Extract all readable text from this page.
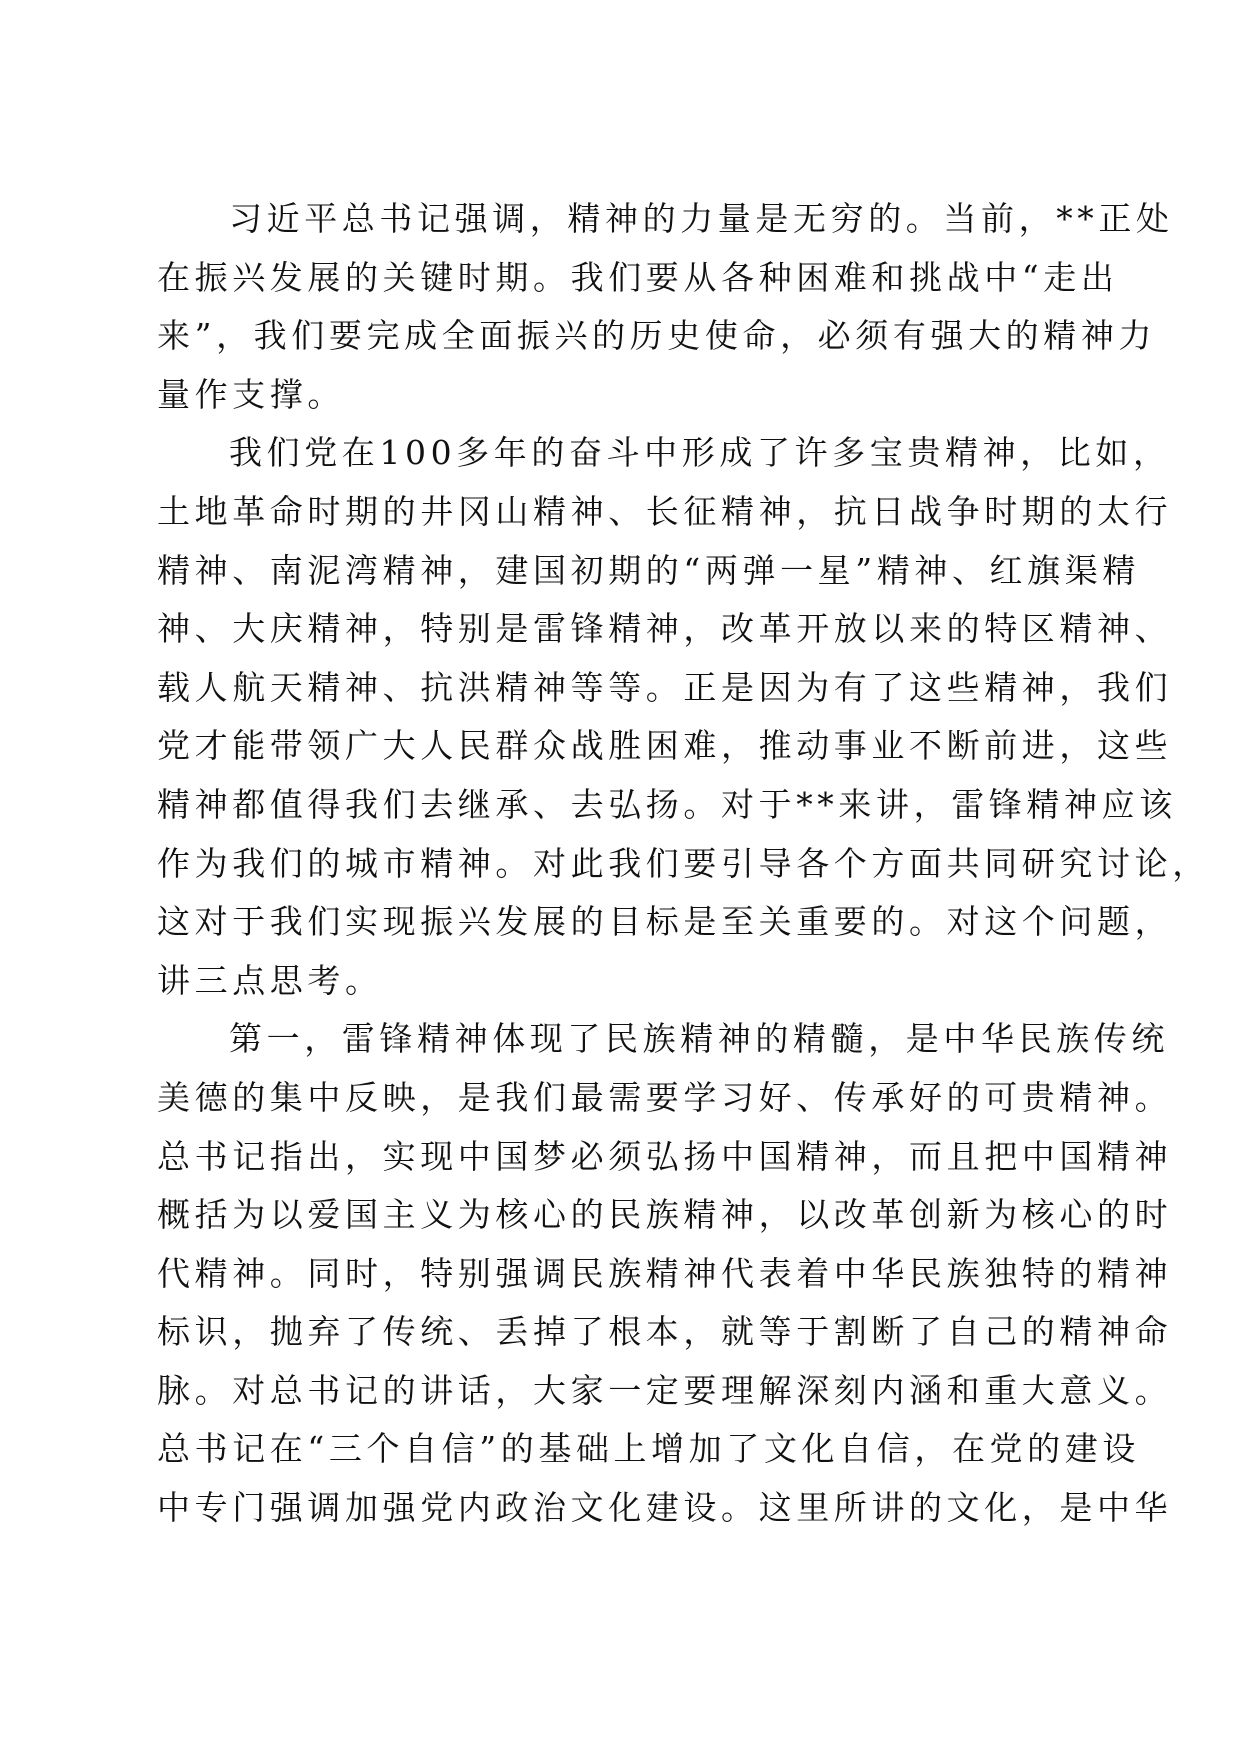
习近平总书记强调，精神的力量是无穷的。当前，**正处
在振兴发展的关键时期。我们要从各种困难和挑战中“走出
来”，我们要完成全面振兴的历史使命，必须有强大的精神力
量作支撑。
我们党在100多年的奋斗中形成了许多宝贵精神，比如，
土地革命时期的井冈山精神、长征精神，抗日战争时期的太行
精神、南泥湾精神，建国初期的“两弹一星”精神、红旗渠精
神、大庆精神，特别是雷锋精神，改革开放以来的特区精神、
载人航天精神、抗洪精神等等。正是因为有了这些精神，我们
党才能带领广大人民群众战胜困难，推动事业不断前进，这些
精神都值得我们去继承、去弘扬。对于**来讲，雷锋精神应该
作为我们的城市精神。对此我们要引导各个方面共同研究讨论，
这对于我们实现振兴发展的目标是至关重要的。对这个问题，
讲三点思考。
第一，雷锋精神体现了民族精神的精髓，是中华民族传统
美德的集中反映，是我们最需要学习好、传承好的可贵精神。
总书记指出，实现中国梦必须弘扬中国精神，而且把中国精神
概括为以爱国主义为核心的民族精神，以改革创新为核心的时
代精神。同时，特别强调民族精神代表着中华民族独特的精神
标识，抛弃了传统、丢掉了根本，就等于割断了自己的精神命
脉。对总书记的讲话，大家一定要理解深刻内涵和重大意义。
总书记在“三个自信”的基础上增加了文化自信，在党的建设
中专门强调加强党内政治文化建设。这里所讲的文化，是中华
